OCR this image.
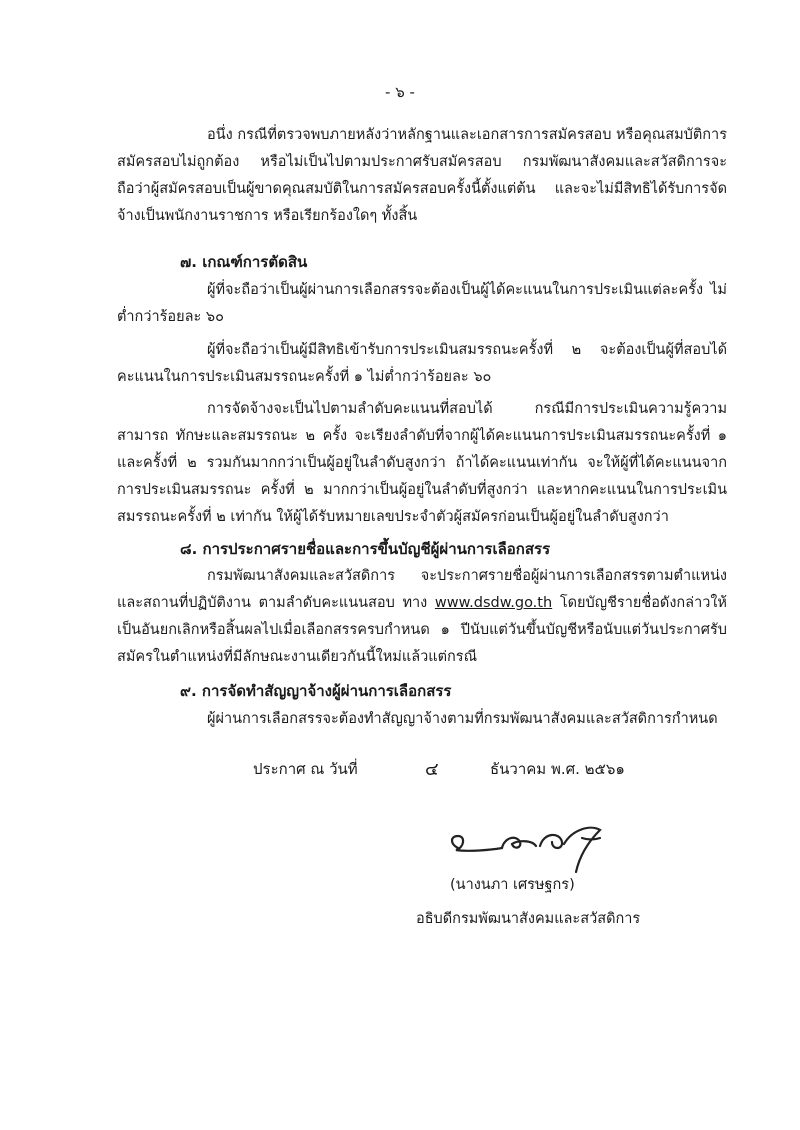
- ๖ -

อนึ่ง กรณีที่ตรวจพบภายหลังว่าหลักฐานและเอกสารการสมัครสอบ หรือคุณสมบัติการสมัครสอบไม่ถูกต้อง หรือไม่เป็นไปตามประกาศรับสมัครสอบ กรมพัฒนาสังคมและสวัสดิการจะถือว่าผู้สมัครสอบเป็นผู้ขาดคุณสมบัติในการสมัครสอบครั้งนี้ตั้งแต่ต้น และจะไม่มีสิทธิได้รับการจัดจ้างเป็นพนักงานราชการ หรือเรียกร้องใดๆ ทั้งสิ้น

๗. เกณฑ์การตัดสิน

ผู้ที่จะถือว่าเป็นผู้ผ่านการเลือกสรรจะต้องเป็นผู้ได้คะแนนในการประเมินแต่ละครั้ง ไม่ต่ำกว่าร้อยละ ๖๐

ผู้ที่จะถือว่าเป็นผู้มีสิทธิเข้ารับการประเมินสมรรถนะครั้งที่ ๒ จะต้องเป็นผู้ที่สอบได้คะแนนในการประเมินสมรรถนะครั้งที่ ๑ ไม่ต่ำกว่าร้อยละ ๖๐

การจัดจ้างจะเป็นไปตามลำดับคะแนนที่สอบได้ กรณีมีการประเมินความรู้ความสามารถ ทักษะและสมรรถนะ ๒ ครั้ง จะเรียงลำดับที่จากผู้ได้คะแนนการประเมินสมรรถนะครั้งที่ ๑ และครั้งที่ ๒ รวมกันมากกว่าเป็นผู้อยู่ในลำดับสูงกว่า ถ้าได้คะแนนเท่ากัน จะให้ผู้ที่ได้คะแนนจากการประเมินสมรรถนะ ครั้งที่ ๒ มากกว่าเป็นผู้อยู่ในลำดับที่สูงกว่า และหากคะแนนในการประเมินสมรรถนะครั้งที่ ๒ เท่ากัน ให้ผู้ได้รับหมายเลขประจำตัวผู้สมัครก่อนเป็นผู้อยู่ในลำดับสูงกว่า

๘. การประกาศรายชื่อและการขึ้นบัญชีผู้ผ่านการเลือกสรร

กรมพัฒนาสังคมและสวัสดิการ จะประกาศรายชื่อผู้ผ่านการเลือกสรรตามตำแหน่งและสถานที่ปฏิบัติงาน ตามลำดับคะแนนสอบ ทาง www.dsdw.go.th โดยบัญชีรายชื่อดังกล่าวให้เป็นอันยกเลิกหรือสิ้นผลไปเมื่อเลือกสรรครบกำหนด ๑ ปีนับแต่วันขึ้นบัญชีหรือนับแต่วันประกาศรับสมัครในตำแหน่งที่มีลักษณะงานเดียวกันนี้ใหม่แล้วแต่กรณี

๙. การจัดทำสัญญาจ้างผู้ผ่านการเลือกสรร

ผู้ผ่านการเลือกสรรจะต้องทำสัญญาจ้างตามที่กรมพัฒนาสังคมและสวัสดิการกำหนด

ประกาศ ณ วันที่	๔	ธันวาคม พ.ศ. ๒๕๖๑
(นางนภา เศรษฐกร)
อธิบดีกรมพัฒนาสังคมและสวัสดิการ
